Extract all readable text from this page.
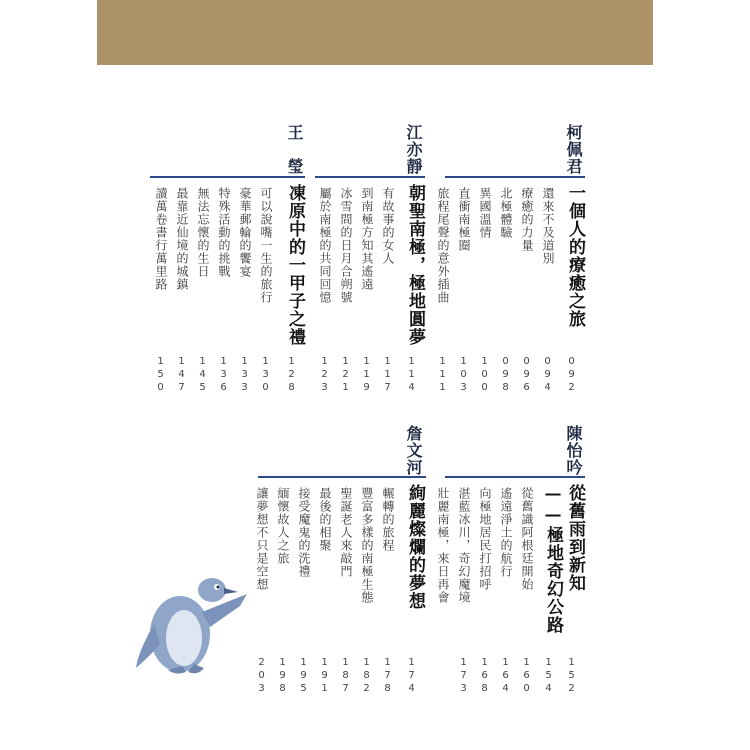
柯佩君
一個人的療癒之旅
還來不及道別
療癒的力量
北極體驗
異國溫情
直衝南極圈
旅程尾聲的意外插曲
092
094
096
098
100
103
111
江亦靜
朝聖南極，極地圓夢
有故事的女人
到南極方知其遙遠
冰雪間的日月合朔號
屬於南極的共同回憶
114
117
119
121
123
王　瑩
凍原中的一甲子之禮
可以說嘴一生的旅行
豪華郵輪的饗宴
特殊活動的挑戰
無法忘懷的生日
最靠近仙境的城鎮
讀萬卷書行萬里路
128
130
133
136
145
147
150
陳怡吟
從舊雨到新知
——極地奇幻公路
從舊識阿根廷開始
遙遠淨土的航行
向極地居民打招呼
湛藍冰川，奇幻魔境
壯麗南極，來日再會
152
154
160
164
168
173
詹文河
絢麗燦爛的夢想
輾轉的旅程
豐富多樣的南極生態
聖誕老人來敲門
最後的相聚
接受魔鬼的洗禮
緬懷故人之旅
讓夢想不只是空想
174
178
182
187
191
195
198
203
